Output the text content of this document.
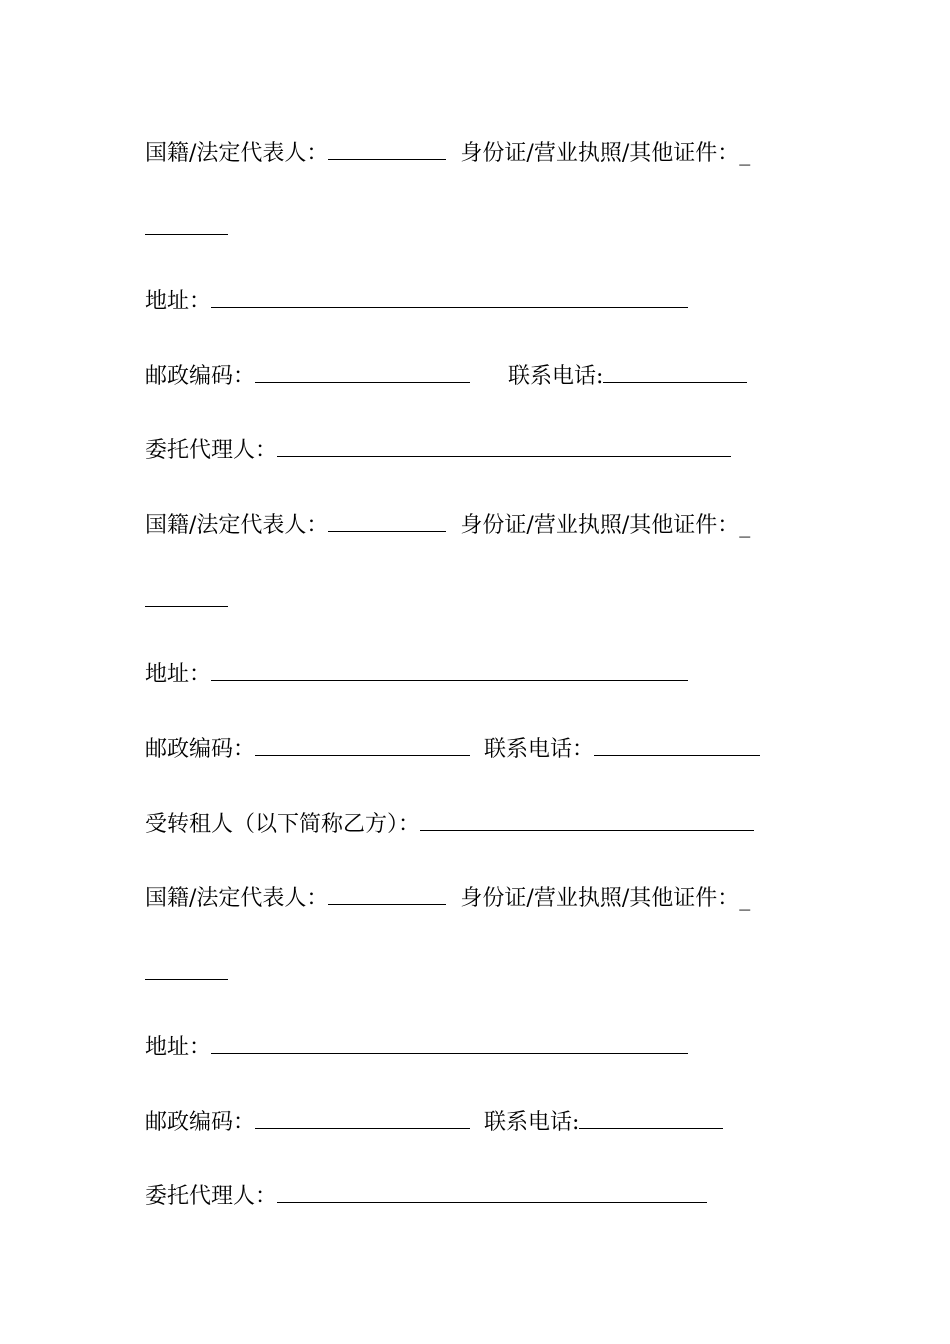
国籍/法定代表人：	身份证/营业执照/其他证件：_
地址：
邮政编码：	联系电话:
委托代理人：
国籍/法定代表人：	身份证/营业执照/其他证件：_
地址：
邮政编码：	联系电话：
受转租人（以下简称乙方）：
国籍/法定代表人：	身份证/营业执照/其他证件：_
地址：
邮政编码：	联系电话:
委托代理人：
